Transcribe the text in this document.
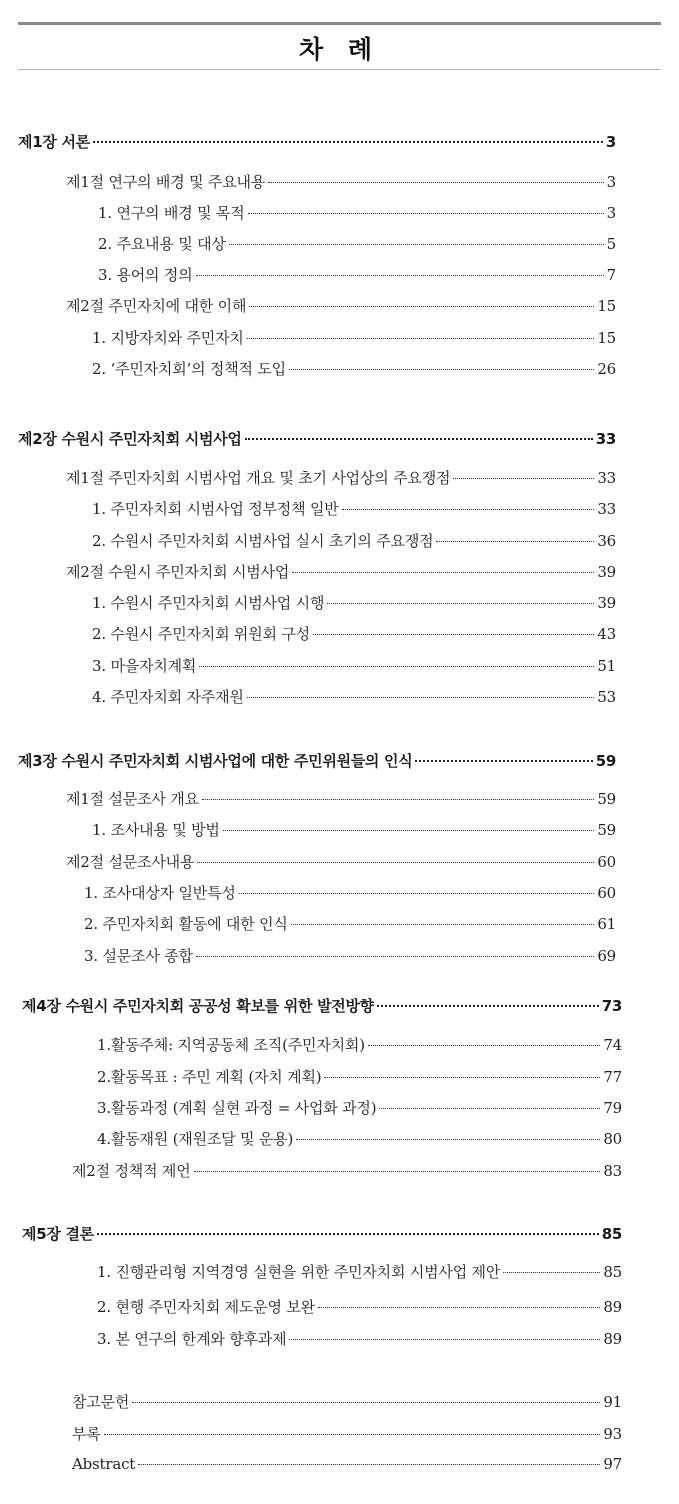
차 례
제1장 서론	3
제1절 연구의 배경 및 주요내용	3
1. 연구의 배경 및 목적	3
2. 주요내용 및 대상	5
3. 용어의 정의	7
제2절 주민자치에 대한 이해	15
1. 지방자치와 주민자치	15
2. ‘주민자치회’의 정책적 도입	26
제2장 수원시 주민자치회 시범사업	33
제1절 주민자치회 시범사업 개요 및 초기 사업상의 주요쟁점	33
1. 주민자치회 시범사업 정부정책 일반	33
2. 수원시 주민자치회 시범사업 실시 초기의 주요쟁점	36
제2절 수원시 주민자치회 시범사업	39
1. 수원시 주민자치회 시범사업 시행	39
2. 수원시 주민자치회 위원회 구성	43
3. 마을자치계획	51
4. 주민자치회 자주재원	53
제3장 수원시 주민자치회 시범사업에 대한 주민위원들의 인식	59
제1절 설문조사 개요	59
1. 조사내용 및 방법	59
제2절 설문조사내용	60
1. 조사대상자 일반특성	60
2. 주민자치회 활동에 대한 인식	61
3. 설문조사 종합	69
제4장 수원시 주민자치회 공공성 확보를 위한 발전방향	73
1.활동주체: 지역공동체 조직(주민자치회)	74
2.활동목표 : 주민 계획 (자치 계획)	77
3.활동과정 (계획 실현 과정 = 사업화 과정)	79
4.활동재원 (재원조달 및 운용)	80
제2절 정책적 제언	83
제5장 결론	85
1. 진행관리형 지역경영 실현을 위한 주민자치회 시범사업 제안	85
2. 현행 주민자치회 제도운영 보완	89
3. 본 연구의 한계와 향후과제	89
참고문헌	91
부록	93
Abstract	97
